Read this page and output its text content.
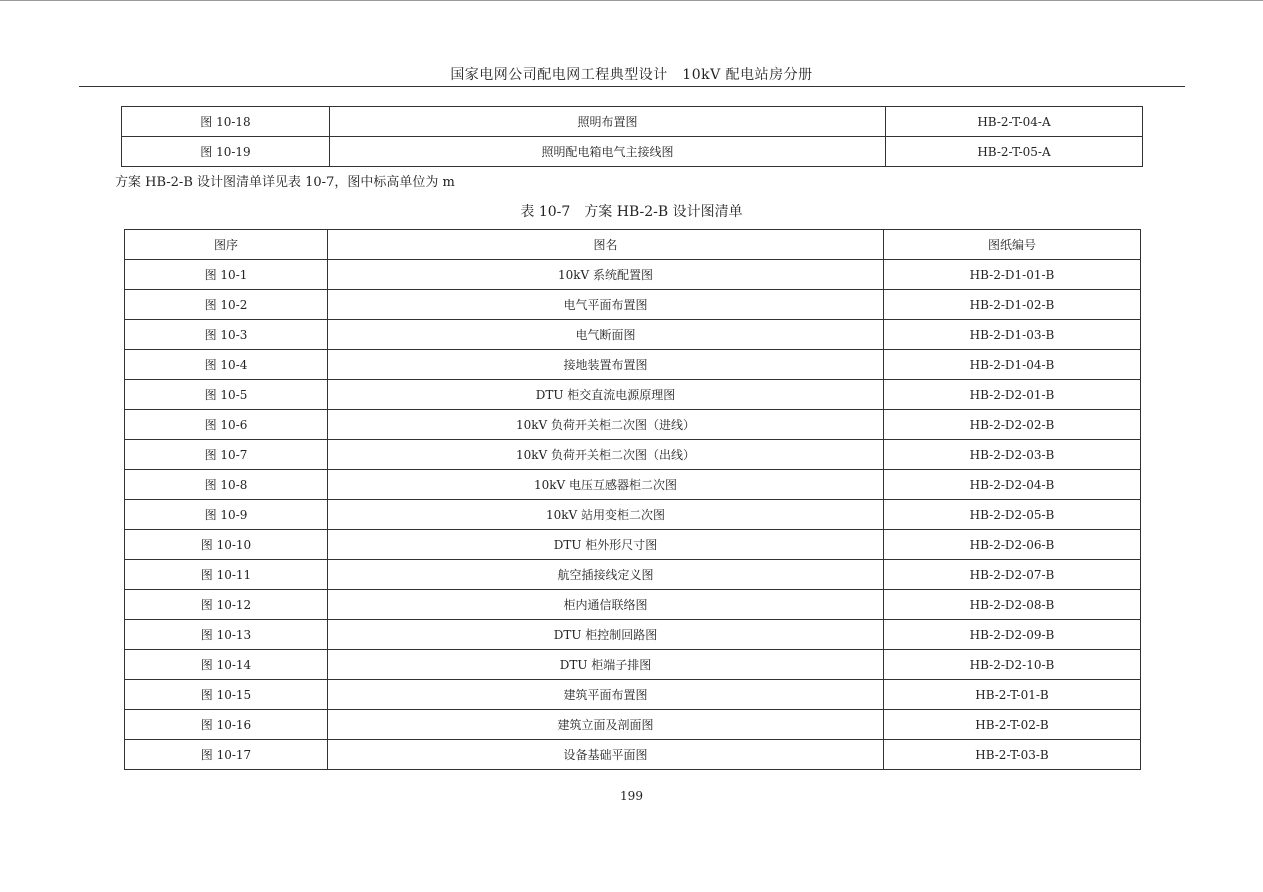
国家电网公司配电网工程典型设计　10kV 配电站房分册
图 10-18	照明布置图	HB-2-T-04-A
图 10-19	照明配电箱电气主接线图	HB-2-T-05-A
方案 HB-2-B 设计图清单详见表 10-7，图中标高单位为 m
表 10-7　方案 HB-2-B 设计图清单
图序	图名	图纸编号
图 10-1	10kV 系统配置图	HB-2-D1-01-B
图 10-2	电气平面布置图	HB-2-D1-02-B
图 10-3	电气断面图	HB-2-D1-03-B
图 10-4	接地装置布置图	HB-2-D1-04-B
图 10-5	DTU 柜交直流电源原理图	HB-2-D2-01-B
图 10-6	10kV 负荷开关柜二次图（进线）	HB-2-D2-02-B
图 10-7	10kV 负荷开关柜二次图（出线）	HB-2-D2-03-B
图 10-8	10kV 电压互感器柜二次图	HB-2-D2-04-B
图 10-9	10kV 站用变柜二次图	HB-2-D2-05-B
图 10-10	DTU 柜外形尺寸图	HB-2-D2-06-B
图 10-11	航空插接线定义图	HB-2-D2-07-B
图 10-12	柜内通信联络图	HB-2-D2-08-B
图 10-13	DTU 柜控制回路图	HB-2-D2-09-B
图 10-14	DTU 柜端子排图	HB-2-D2-10-B
图 10-15	建筑平面布置图	HB-2-T-01-B
图 10-16	建筑立面及剖面图	HB-2-T-02-B
图 10-17	设备基础平面图	HB-2-T-03-B
199
